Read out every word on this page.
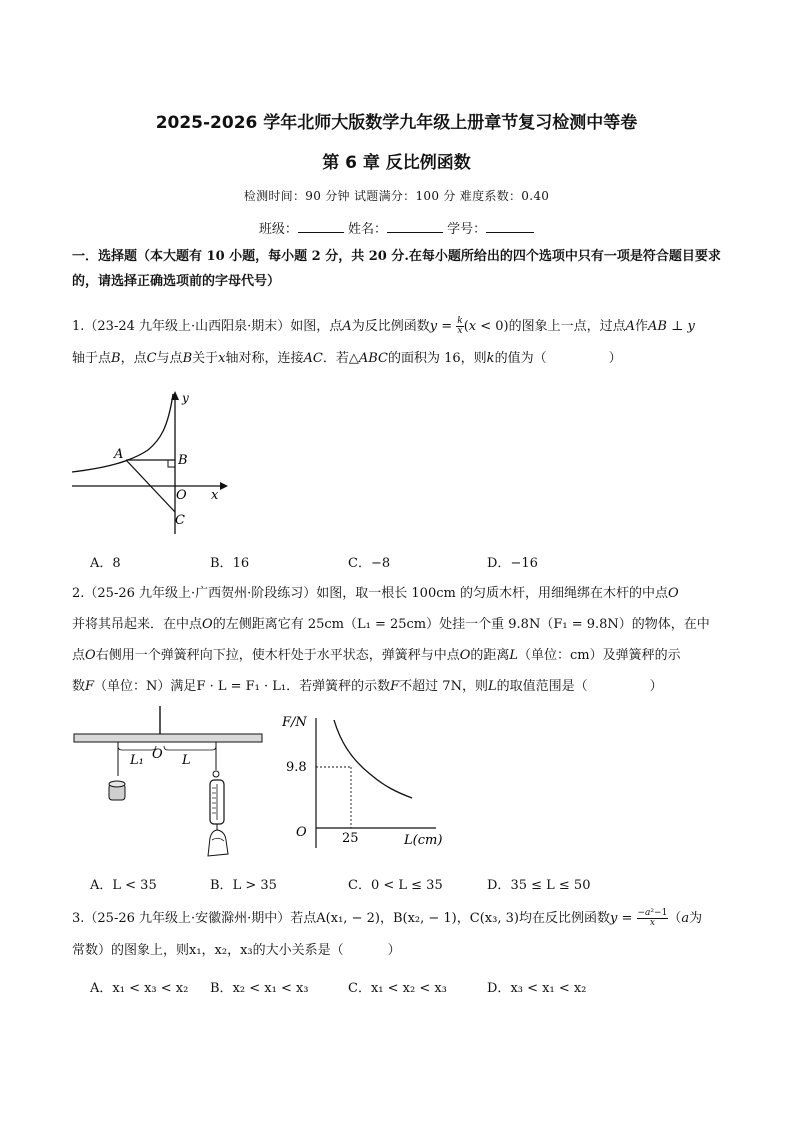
2025-2026 学年北师大版数学九年级上册章节复习检测中等卷
第 6 章 反比例函数
检测时间：90 分钟 试题满分：100 分 难度系数：0.40
班级：	姓名：	学号：
一．选择题（本大题有 10 小题，每小题 2 分，共 20 分.在每小题所给出的四个选项中只有一项是符合题目要求的，请选择正确选项前的字母代号）
1.（23-24 九年级上·山西阳泉·期末）如图，点A为反比例函数$y = \frac{k}{x} (x < 0)$的图象上一点，过点A作AB ⊥ y
轴于点B，点C与点B关于x轴对称，连接AC．若△ABC的面积为 16，则k的值为（	）
y
A	B
O x
C
A．8	B．16	C．−8	D．−16
2.（25-26 九年级上·广西贺州·阶段练习）如图，取一根长 100cm 的匀质木杆，用细绳绑在木杆的中点O
并将其吊起来．在中点O的左侧距离它有 25cm（L₁ = 25cm）处挂一个重 9.8N（F₁ = 9.8N）的物体，在中
点O右侧用一个弹簧秤向下拉，使木杆处于水平状态，弹簧秤与中点O的距离L（单位：cm）及弹簧秤的示
数F（单位：N）满足F · L = F₁ · L₁．若弹簧秤的示数F不超过 7N，则L的取值范围是（	）
L₁ O L
F/N
9.8
O	25	L(cm)
A．L < 35	B．L > 35	C．0 < L ≤ 35	D．35 ≤ L ≤ 50
3.（25-26 九年级上·安徽滁州·期中）若点A(x₁, − 2)，B(x₂, − 1)，C(x₃, 3)均在反比例函数$y = \frac{\text{−a²−1}}{x} (a$为
常数）的图象上，则x₁，x₂，x₃的大小关系是（	）
A．x₁ < x₃ < x₂ B．x₂ < x₁ < x₃	C．x₁ < x₂ < x₃	D．x₃ < x₁ < x₂
